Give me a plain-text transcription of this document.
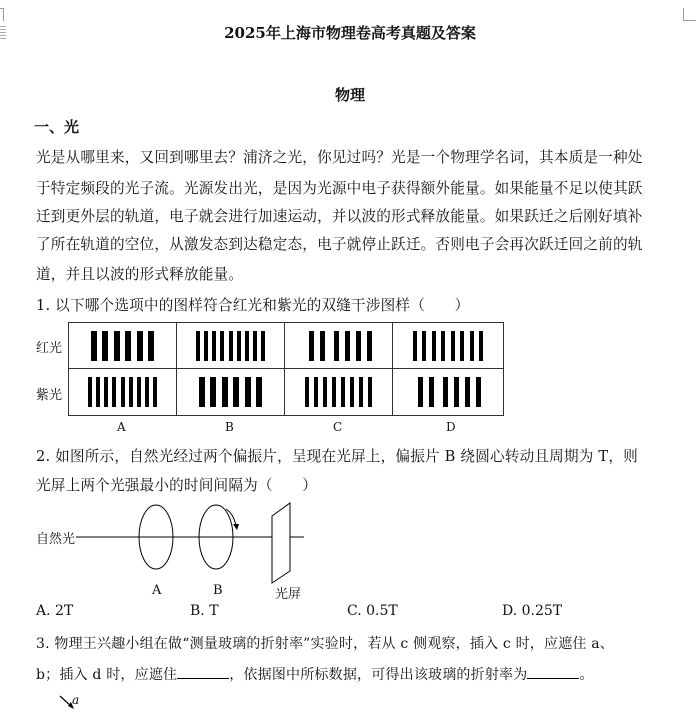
2025年上海市物理卷高考真题及答案
物理
一、光
光是从哪里来，又回到哪里去？浦济之光，你见过吗？光是一个物理学名词，其本质是一种处
于特定频段的光子流。光源发出光，是因为光源中电子获得额外能量。如果能量不足以使其跃
迁到更外层的轨道，电子就会进行加速运动，并以波的形式释放能量。如果跃迁之后刚好填补
了所在轨道的空位，从激发态到达稳定态，电子就停止跃迁。否则电子会再次跃迁回之前的轨
道，并且以波的形式释放能量。
1. 以下哪个选项中的图样符合红光和紫光的双缝干涉图样（　　）
红光
紫光
A	B	C	D
2. 如图所示，自然光经过两个偏振片，呈现在光屏上，偏振片 B 绕圆心转动且周期为 T，则
光屏上两个光强最小的时间间隔为（　　）
自然光
A	B	光屏
A. 2T	B. T	C. 0.5T	D. 0.25T
3. 物理王兴趣小组在做“测量玻璃的折射率”实验时，若从 c 侧观察，插入 c 时，应遮住 a、
b；插入 d 时，应遮住	，依据图中所标数据，可得出该玻璃的折射率为	。
a
